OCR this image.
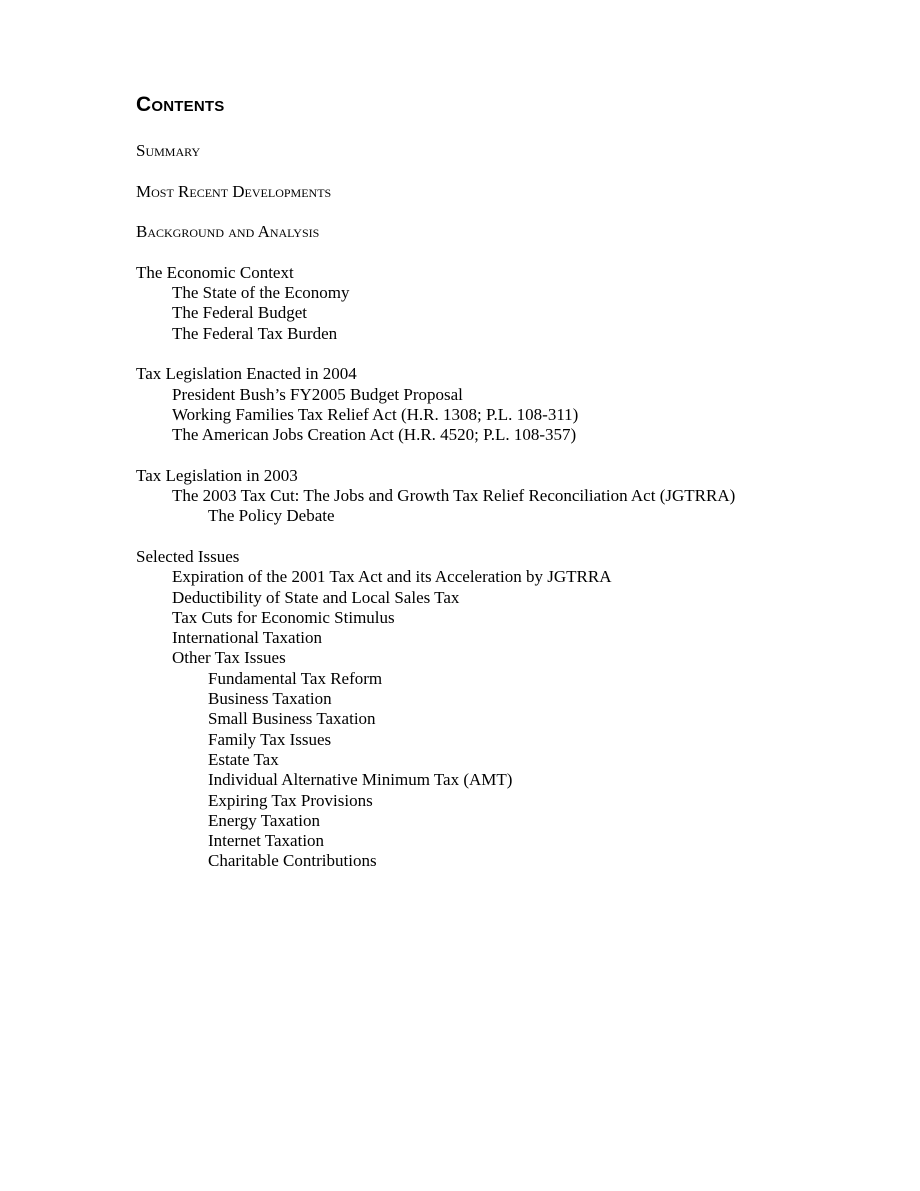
Contents
Summary
Most Recent Developments
Background and Analysis
The Economic Context
The State of the Economy
The Federal Budget
The Federal Tax Burden
Tax Legislation Enacted in 2004
President Bush’s FY2005 Budget Proposal
Working Families Tax Relief Act (H.R. 1308; P.L. 108-311)
The American Jobs Creation Act (H.R. 4520; P.L. 108-357)
Tax Legislation in 2003
The 2003 Tax Cut: The Jobs and Growth Tax Relief Reconciliation Act (JGTRRA)
The Policy Debate
Selected Issues
Expiration of the 2001 Tax Act and its Acceleration by JGTRRA
Deductibility of State and Local Sales Tax
Tax Cuts for Economic Stimulus
International Taxation
Other Tax Issues
Fundamental Tax Reform
Business Taxation
Small Business Taxation
Family Tax Issues
Estate Tax
Individual Alternative Minimum Tax (AMT)
Expiring Tax Provisions
Energy Taxation
Internet Taxation
Charitable Contributions
